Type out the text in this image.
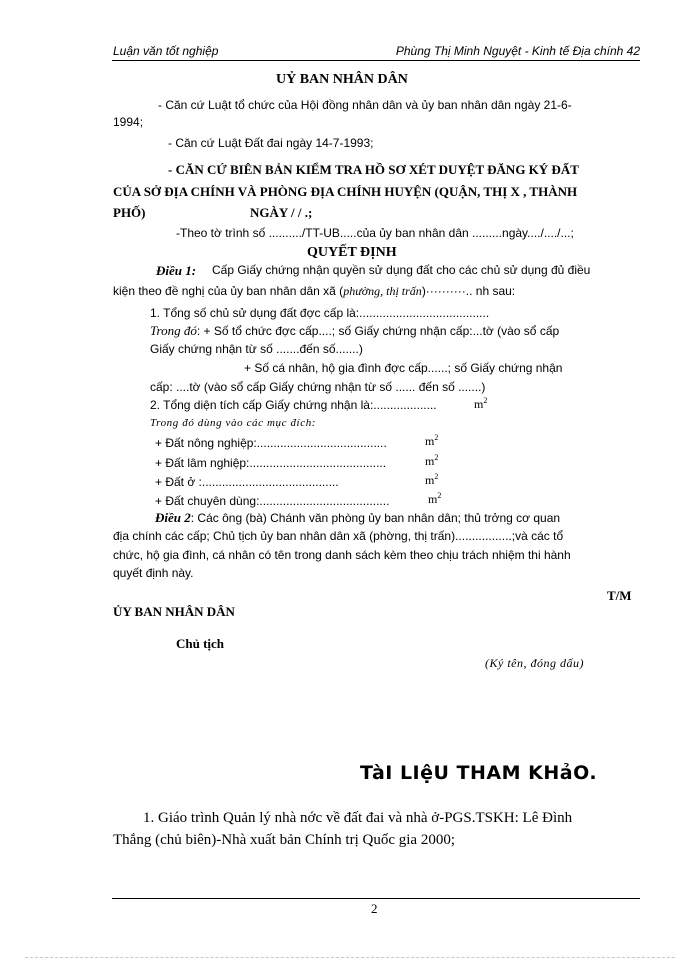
Luận văn tốt nghiệp	Phùng Thị Minh Nguyệt - Kinh tế Địa chính 42
UỶ BAN NHÂN DÂN
- Căn cứ Luật tổ chức của Hội đồng nhân dân và ủy ban nhân dân ngày 21-6-
1994;
- Căn cứ Luật Đất đai ngày 14-7-1993;
- CĂN CỨ BIÊN BẢN KIỂM TRA HỒ SƠ XÉT DUYỆT ĐĂNG KÝ ĐẤT
CỦA SỞ ĐỊA CHÍNH VÀ PHÒNG ĐỊA CHÍNH HUYỆN (QUẬN, THỊ X , THÀNH
PHỐ)	NGÀY / / .;
-Theo tờ trình số ........../TT-UB.....của ủy ban nhân dân .........ngày..../..../...;
QUYẾT ĐỊNH
Điều 1: Cấp Giấy chứng nhận quyền sử dụng đất cho các chủ sử dụng đủ điều
kiện theo đề nghị của ủy ban nhân dân xã (phường, thị trấn)··········.. nh sau:
1. Tổng số chủ sử dụng đất đợc cấp là:.......................................
Trong đó: + Số tổ chức đợc cấp....; số Giấy chứng nhận cấp:...tờ (vào sổ cấp
Giấy chứng nhận từ số .......đến số.......)
+ Số cá nhân, hộ gia đình đợc cấp......; số Giấy chứng nhận
cấp: ....tờ (vào sổ cấp Giấy chứng nhận từ số ...... đến số .......)
2. Tổng diện tích cấp Giấy chứng nhận là:...................	$m^2$
Trong đó dùng vào các mục đích:
+ Đất nông nghiệp:.......................................	$m^2$
+ Đất lâm nghiệp:.........................................	$m^2$
+ Đất ở :.........................................	$m^2$
+ Đất chuyên dùng:.......................................	$m^2$
Điều 2: Các ông (bà) Chánh văn phòng ủy ban nhân dân; thủ trởng cơ quan
địa chính các cấp; Chủ tịch ủy ban nhân dân xã (phờng, thị trấn).................;và các tổ
chức, hộ gia đình, cá nhân có tên trong danh sách kèm theo chịu trách nhiệm thi hành
quyết định này.
T/M
ỦY BAN NHÂN DÂN
Chủ tịch
(Ký tên, đóng dấu)
TàI LIệU THAM KHảO.
1. Giáo trình Quản lý nhà nớc về đất đai và nhà ở-PGS.TSKH: Lê Đình
Thắng (chủ biên)-Nhà xuất bản Chính trị Quốc gia 2000;
2
